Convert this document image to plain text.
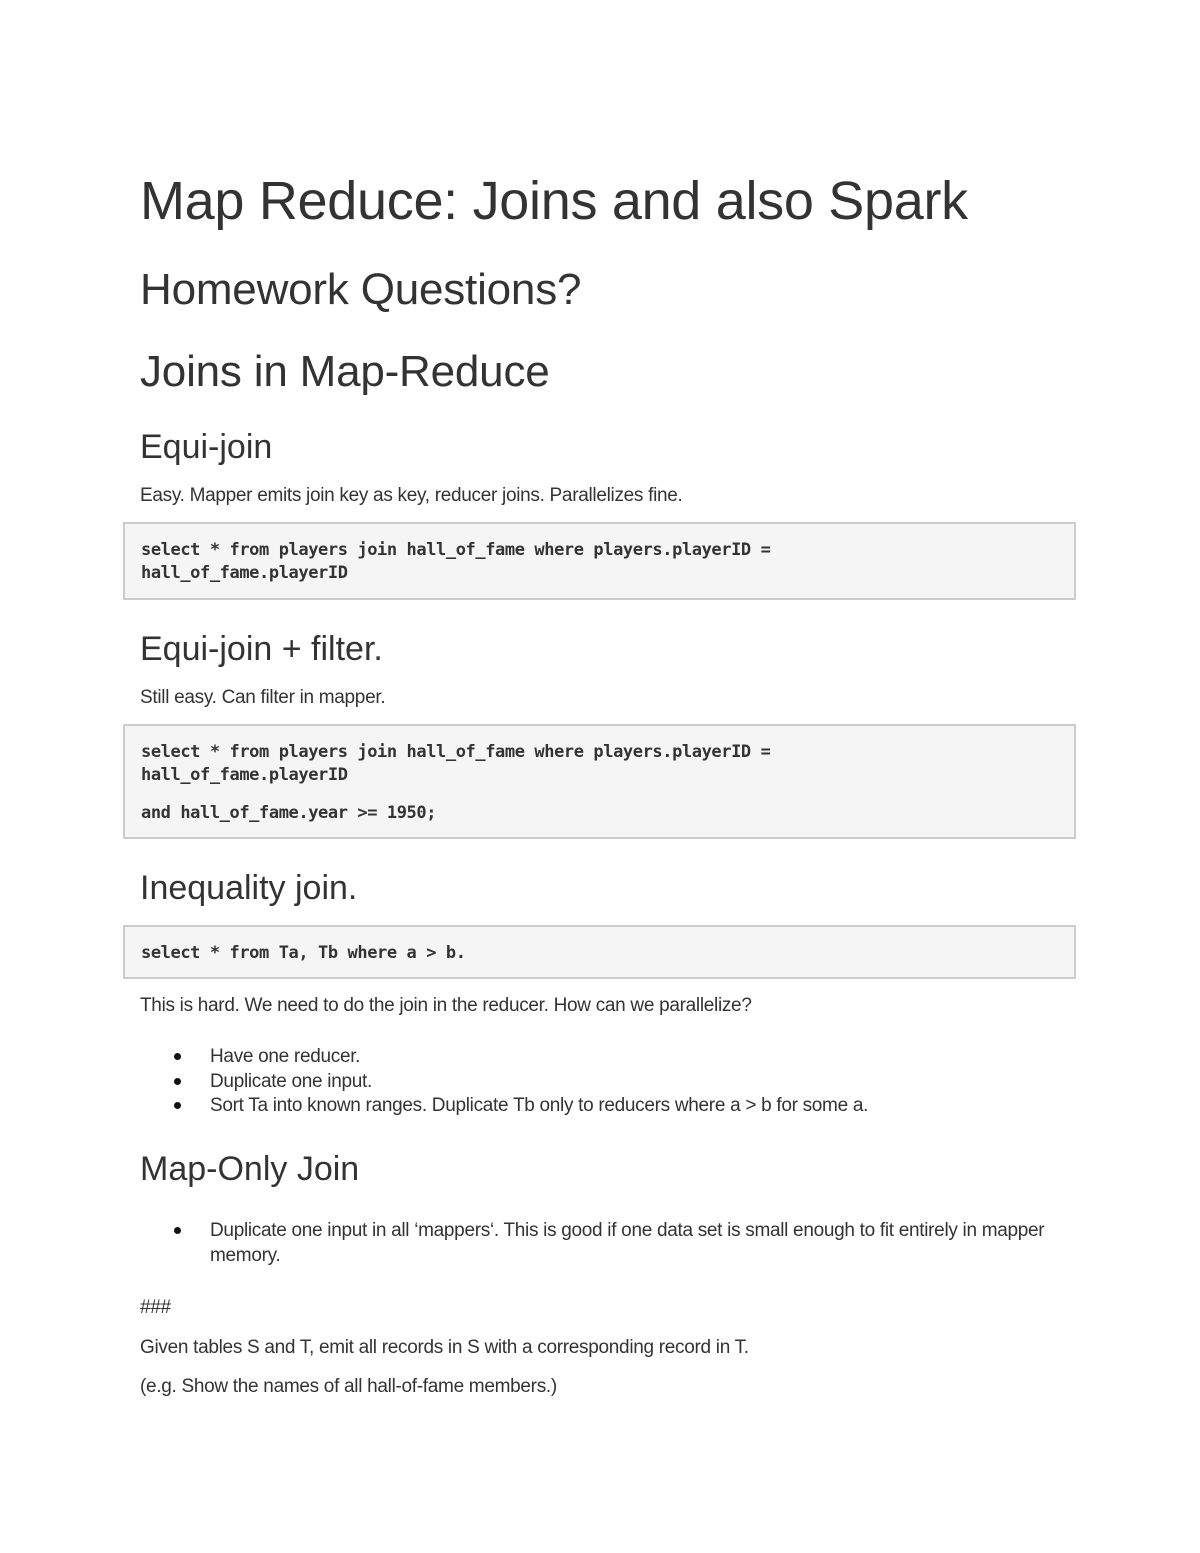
Map Reduce: Joins and also Spark
Homework Questions?
Joins in Map-Reduce
Equi-join

Easy. Mapper emits join key as key, reducer joins. Parallelizes fine.

select * from players join hall_of_fame where players.playerID =
hall_of_fame.playerID
Equi-join + filter.

Still easy. Can filter in mapper.

select * from players join hall_of_fame where players.playerID =
hall_of_fame.playerID
and hall_of_fame.year >= 1950;
Inequality join.
select * from Ta, Tb where a > b.

This is hard. We need to do the join in the reducer. How can we parallelize?

Have one reducer.
Duplicate one input.
Sort Ta into known ranges. Duplicate Tb only to reducers where a > b for some a.
Map-Only Join
Duplicate one input in all ‘mappers‘. This is good if one data set is small enough to fit entirely in mapper memory.

###

Given tables S and T, emit all records in S with a corresponding record in T.

(e.g. Show the names of all hall-of-fame members.)
